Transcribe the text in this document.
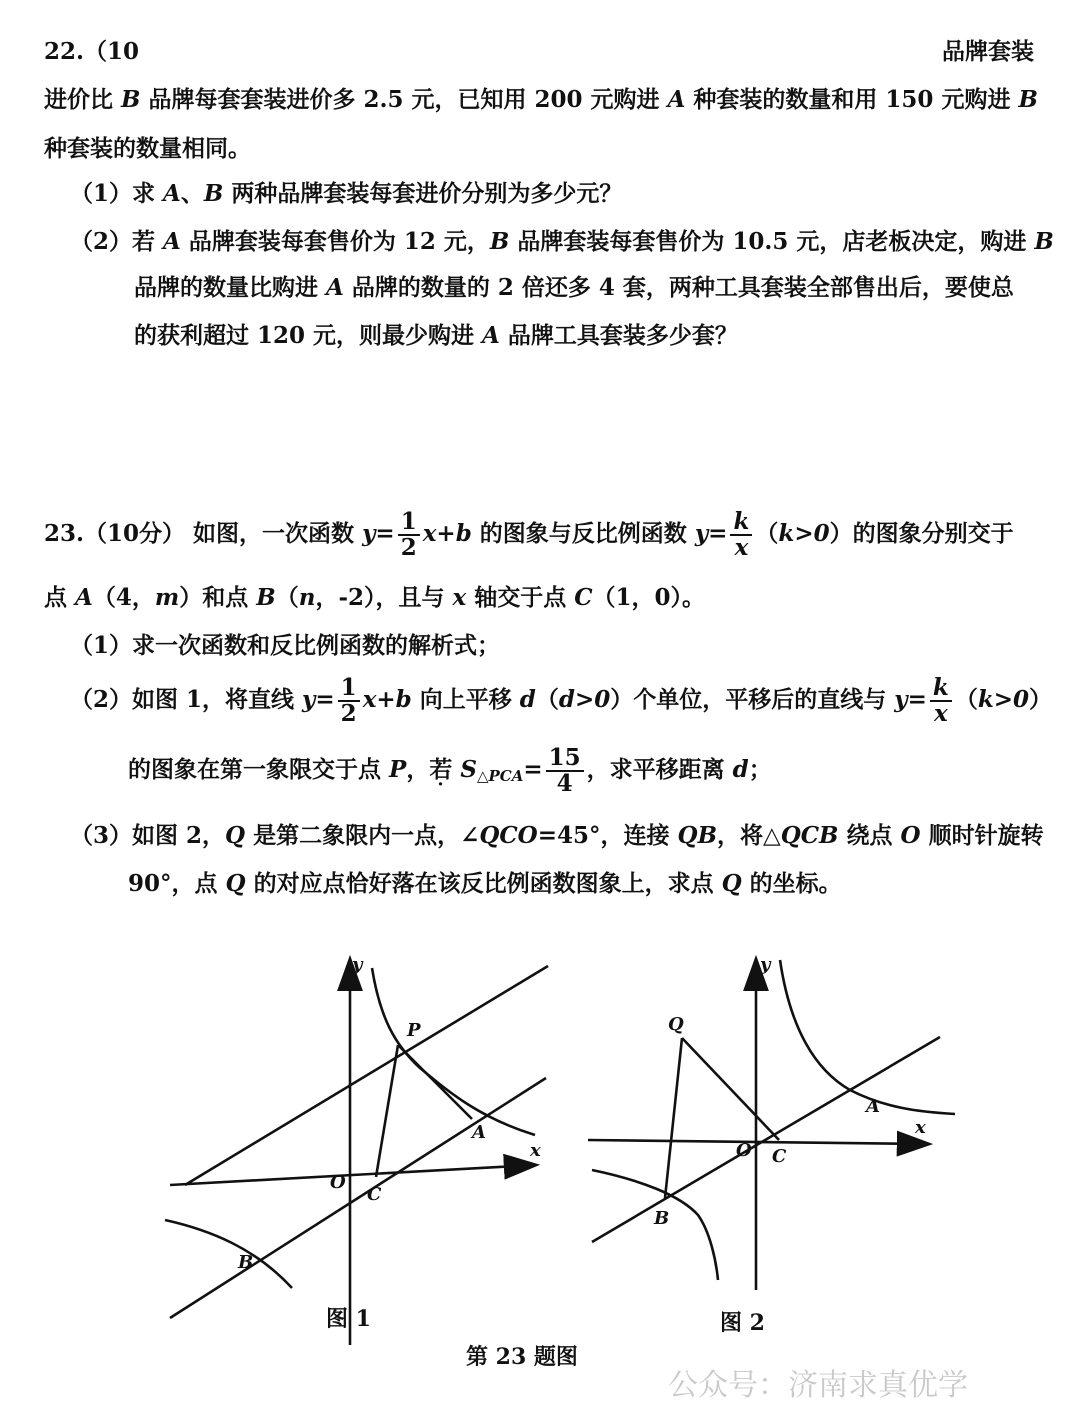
22.（10	品牌套装
进价比 B 品牌每套套装进价多 2.5 元，已知用 200 元购进 A 种套装的数量和用 150 元购进 B
种套装的数量相同。
（1）求 A、B 两种品牌套装每套进价分别为多少元？
（2）若 A 品牌套装每套售价为 12 元，B 品牌套装每套售价为 10.5 元，店老板决定，购进 B
品牌的数量比购进 A 品牌的数量的 2 倍还多 4 套，两种工具套装全部售出后，要使总
的获利超过 120 元，则最少购进 A 品牌工具套装多少套？
23.（10分） 如图，一次函数 $y= \frac{1}{2} x+b$ 的图象与反比例函数 $y= \frac{k}{x} (k>0)$的图象分别交于
点 A（4，m）和点 B（n，-2），且与 x 轴交于点 C（1，0）。
（1）求一次函数和反比例函数的解析式；
（2）如图 1，将直线 $y= \frac{1}{2} x+b$ 向上平移 d（d>0）个单位，平移后的直线与 $y= \frac{k}{x} (k>0)$
的图象在第一象限交于点 P，若 $S_{\triangle PCA}= \frac{15}{4}$ ，求平移距离 d；
（3）如图 2，Q 是第二象限内一点，∠QCO=45°，连接 QB，将△QCB 绕点 O 顺时针旋转
90°，点 Q 的对应点恰好落在该反比例函数图象上，求点 Q 的坐标。
y
x
O
C
P
A
B
y
x
O C
Q
A
B
图 1	图 2
第 23 题图
公众号：济南求真优学
